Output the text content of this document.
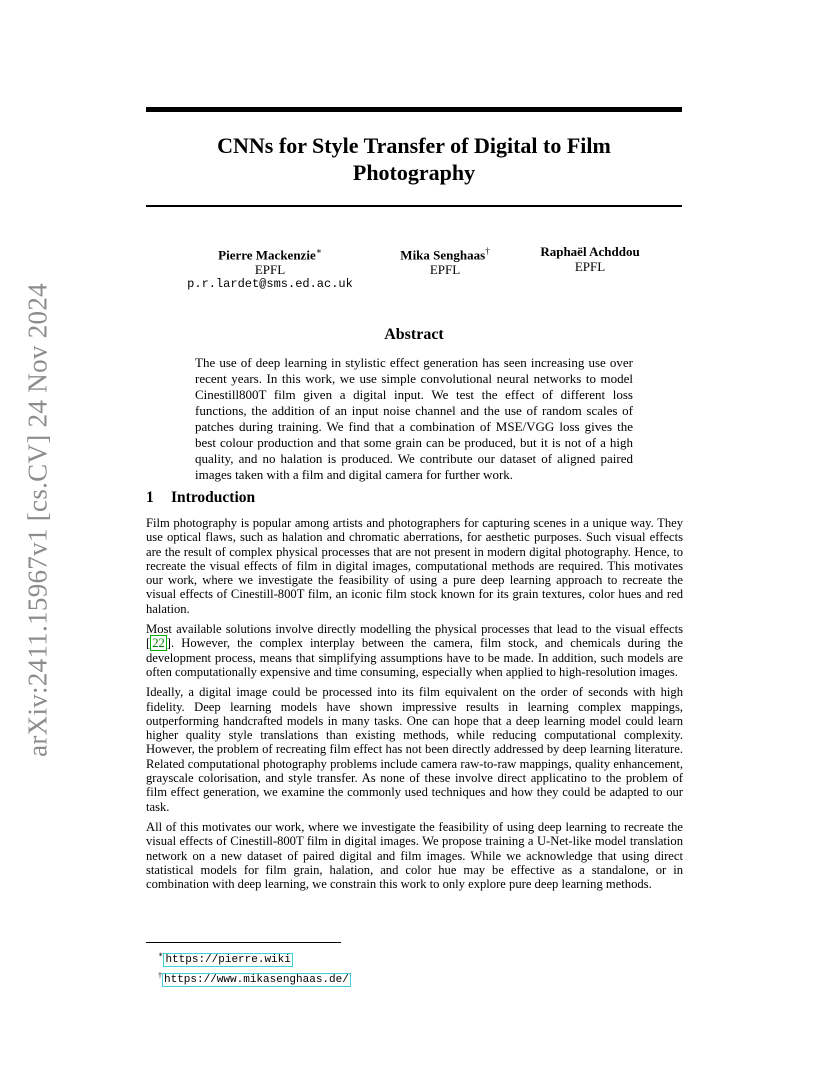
arXiv:2411.15967v1 [cs.CV] 24 Nov 2024
CNNs for Style Transfer of Digital to Film
Photography
Pierre Mackenzie∗
EPFL
p.r.lardet@sms.ed.ac.uk
Mika Senghaas†
EPFL
Raphaël Achddou
EPFL
Abstract

The use of deep learning in stylistic effect generation has seen increasing use over recent years. In this work, we use simple convolutional neural networks to model Cinestill800T film given a digital input. We test the effect of different loss functions, the addition of an input noise channel and the use of random scales of patches during training. We find that a combination of MSE/VGG loss gives the best colour production and that some grain can be produced, but it is not of a high quality, and no halation is produced. We contribute our dataset of aligned paired images taken with a film and digital camera for further work.

1 Introduction

Film photography is popular among artists and photographers for capturing scenes in a unique way. They use optical flaws, such as halation and chromatic aberrations, for aesthetic purposes. Such visual effects are the result of complex physical processes that are not present in modern digital photography. Hence, to recreate the visual effects of film in digital images, computational methods are required. This motivates our work, where we investigate the feasibility of using a pure deep learning approach to recreate the visual effects of Cinestill-800T film, an iconic film stock known for its grain textures, color hues and red halation.

Most available solutions involve directly modelling the physical processes that lead to the visual effects [ 22 ]. However, the complex interplay between the camera, film stock, and chemicals during the development process, means that simplifying assumptions have to be made. In addition, such models are often computationally expensive and time consuming, especially when applied to high-resolution images.

Ideally, a digital image could be processed into its film equivalent on the order of seconds with high fidelity. Deep learning models have shown impressive results in learning complex mappings, outperforming handcrafted models in many tasks. One can hope that a deep learning model could learn higher quality style translations than existing methods, while reducing computational complexity. However, the problem of recreating film effect has not been directly addressed by deep learning literature. Related computational photography problems include camera raw-to-raw mappings, quality enhancement, grayscale colorisation, and style transfer. As none of these involve direct applicatino to the problem of film effect generation, we examine the commonly used techniques and how they could be adapted to our task.

All of this motivates our work, where we investigate the feasibility of using deep learning to recreate the visual effects of Cinestill-800T film in digital images. We propose training a U-Net-like model translation network on a new dataset of paired digital and film images. While we acknowledge that using direct statistical models for film grain, halation, and color hue may be effective as a standalone, or in combination with deep learning, we constrain this work to only explore pure deep learning methods.

∗ https://pierre.wiki
† https://www.mikasenghaas.de/
